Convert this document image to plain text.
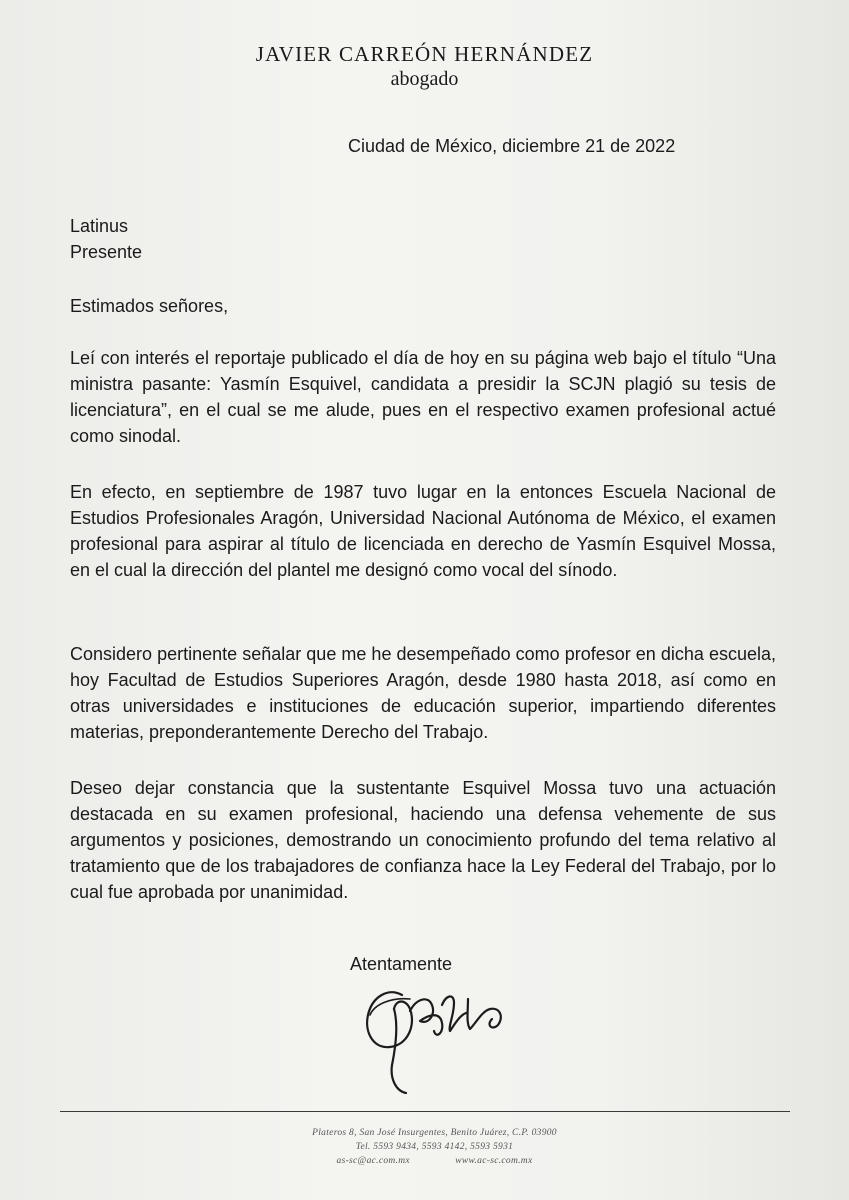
JAVIER CARREÓN HERNÁNDEZ
abogado
Ciudad de México, diciembre 21 de 2022
Latinus
Presente
Estimados señores,

Leí con interés el reportaje publicado el día de hoy en su página web bajo el título “Una ministra pasante: Yasmín Esquivel, candidata a presidir la SCJN plagió su tesis de licenciatura”, en el cual se me alude, pues en el respectivo examen profesional actué como sinodal.

En efecto, en septiembre de 1987 tuvo lugar en la entonces Escuela Nacional de Estudios Profesionales Aragón, Universidad Nacional Autónoma de México, el examen profesional para aspirar al título de licenciada en derecho de Yasmín Esquivel Mossa, en el cual la dirección del plantel me designó como vocal del sínodo.

Considero pertinente señalar que me he desempeñado como profesor en dicha escuela, hoy Facultad de Estudios Superiores Aragón, desde 1980 hasta 2018, así como en otras universidades e instituciones de educación superior, impartiendo diferentes materias, preponderantemente Derecho del Trabajo.

Deseo dejar constancia que la sustentante Esquivel Mossa tuvo una actuación destacada en su examen profesional, haciendo una defensa vehemente de sus argumentos y posiciones, demostrando un conocimiento profundo del tema relativo al tratamiento que de los trabajadores de confianza hace la Ley Federal del Trabajo, por lo cual fue aprobada por unanimidad.

Atentamente
Plateros 8, San José Insurgentes, Benito Juárez, C.P. 03900
Tel. 5593 9434, 5593 4142, 5593 5931
as-sc@ac.com.mx	www.ac-sc.com.mx
